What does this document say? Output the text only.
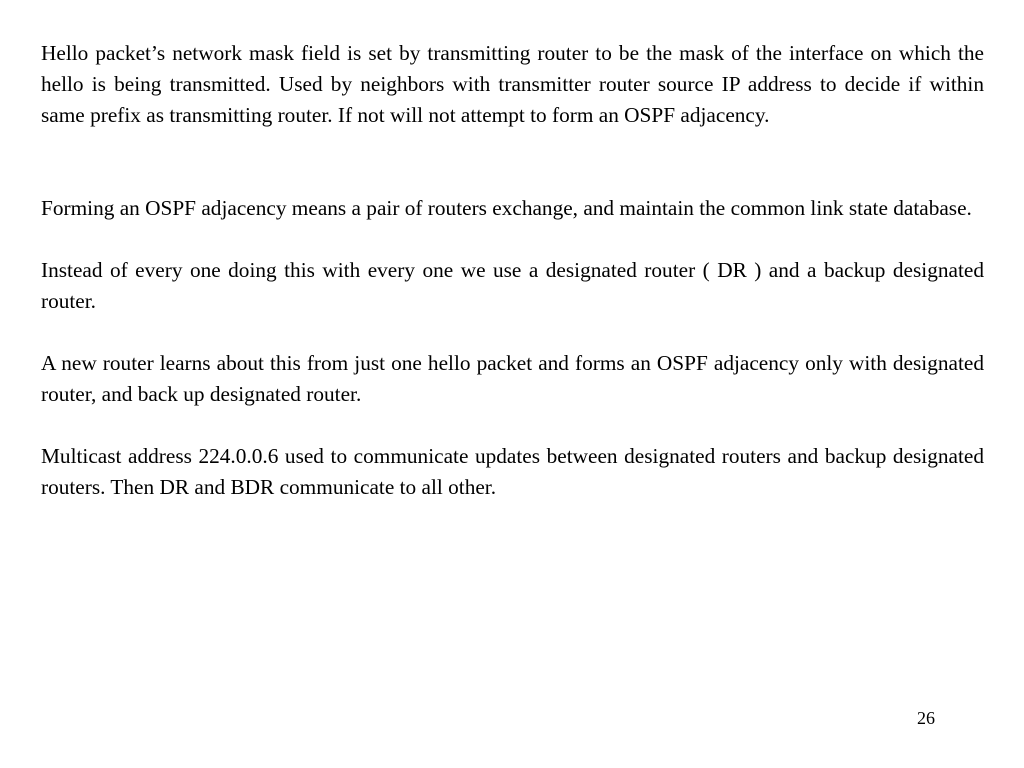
Hello packet’s network mask field is set by transmitting router to be the mask of the interface on which the hello is being transmitted. Used by neighbors with transmitter router source IP address to decide if within same prefix as transmitting router. If not will not attempt to form an OSPF adjacency.

Forming an OSPF adjacency means a pair of routers exchange, and maintain the common link state database.

Instead of every one doing this with every one we use a designated router ( DR ) and a backup designated router.

A new router learns about this from just one hello packet and forms an OSPF adjacency only with designated router, and back up designated router.

Multicast address 224.0.0.6 used to communicate updates between designated routers and backup designated routers. Then DR and BDR communicate to all other.

26
